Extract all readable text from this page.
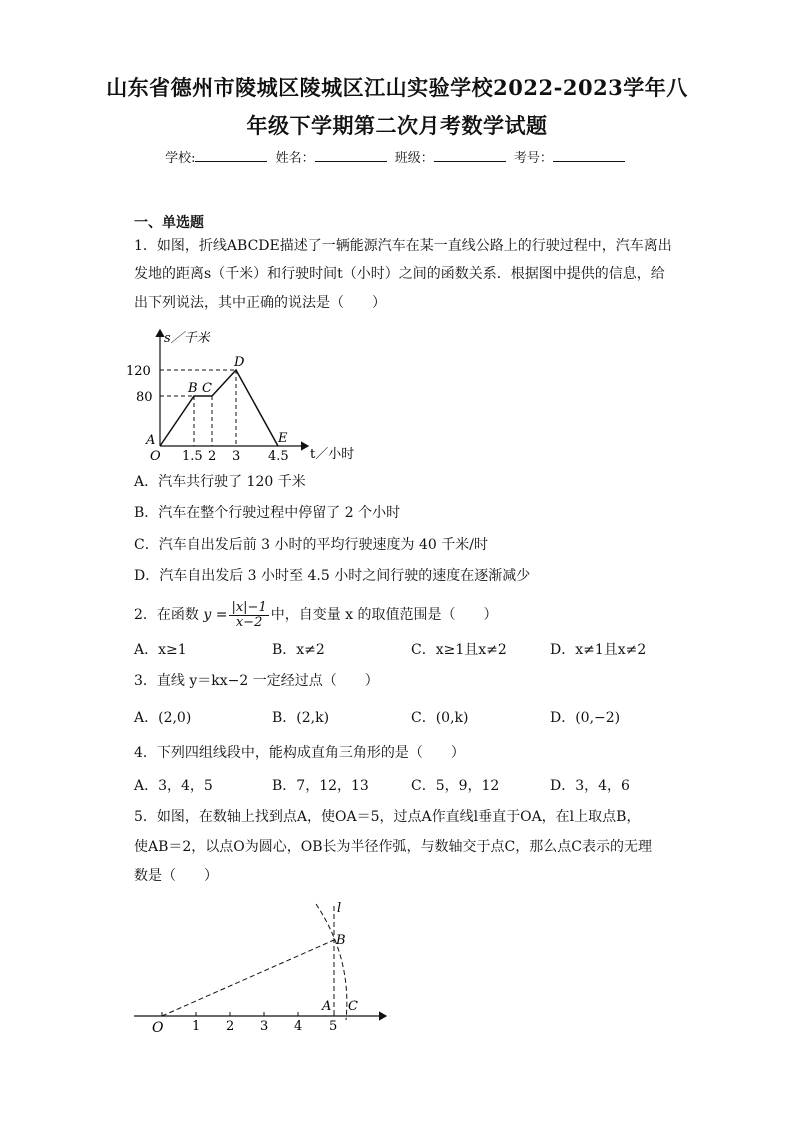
山东省德州市陵城区陵城区江山实验学校2022-2023学年八
年级下学期第二次月考数学试题
学校:	姓名：	班级：	考号：
一、单选题
1．如图，折线ABCDE描述了一辆能源汽车在某一直线公路上的行驶过程中，汽车离出
发地的距离s（千米）和行驶时间t（小时）之间的函数关系．根据图中提供的信息，给
出下列说法，其中正确的说法是（　　）
s／千米
t／小时
120
80
O 1.5 2 3 4.5
A
B C
D
E
A．汽车共行驶了 120 千米
B．汽车在整个行驶过程中停留了 2 个小时
C．汽车自出发后前 3 小时的平均行驶速度为 40 千米/时
D．汽车自出发后 3 小时至 4.5 小时之间行驶的速度在逐渐减少
2．在函数 $y = \frac{|x|-1}{x-2}$ 中，自变量 x 的取值范围是（　　）
A．x≥1	B．x≠2	C．x≥1且x≠2	D．x≠1且x≠2
3．直线 y＝kx−2 一定经过点（　　）
A．(2,0)	B．(2,k)	C．(0,k)	D．(0,−2)
4．下列四组线段中，能构成直角三角形的是（　　）
A．3，4，5	B．7，12，13	C．5，9，12	D．3，4，6
5．如图，在数轴上找到点A，使OA＝5，过点A作直线l垂直于OA，在l上取点B，
使AB＝2，以点O为圆心，OB长为半径作弧，与数轴交于点C，那么点C表示的无理
数是（　　）
O 1 2 3 4 5
A
B
C
l
